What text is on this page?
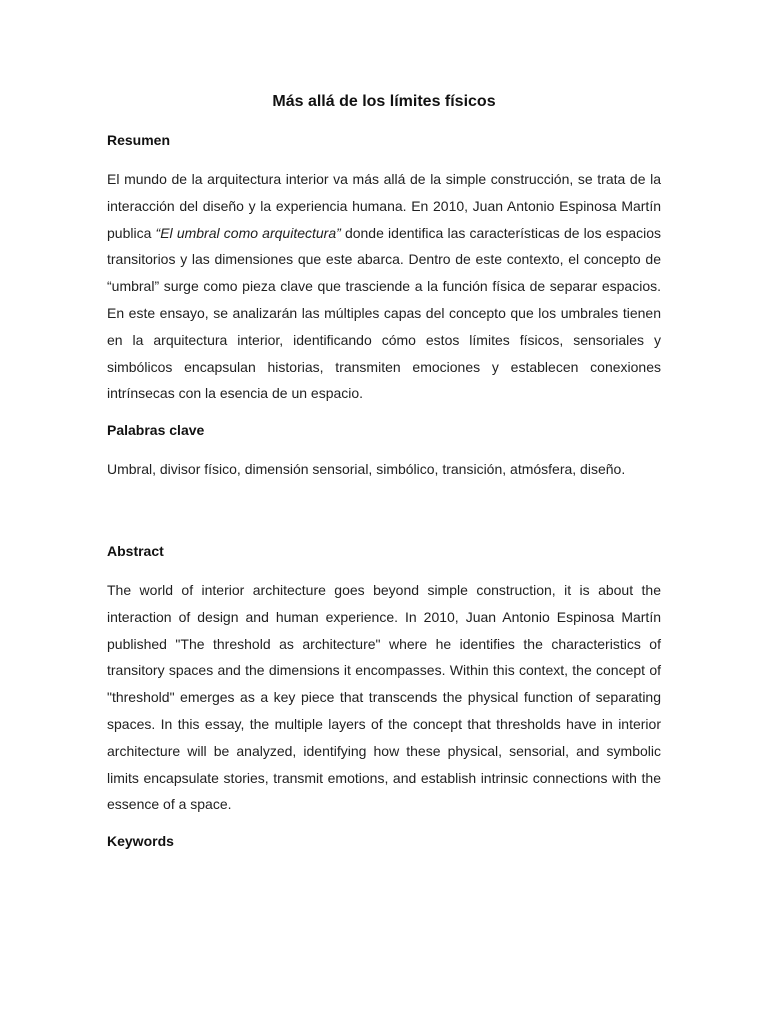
Más allá de los límites físicos
Resumen

El mundo de la arquitectura interior va más allá de la simple construcción, se trata de la interacción del diseño y la experiencia humana. En 2010, Juan Antonio Espinosa Martín publica “El umbral como arquitectura” donde identifica las características de los espacios transitorios y las dimensiones que este abarca. Dentro de este contexto, el concepto de “umbral” surge como pieza clave que trasciende a la función física de separar espacios. En este ensayo, se analizarán las múltiples capas del concepto que los umbrales tienen en la arquitectura interior, identificando cómo estos límites físicos, sensoriales y simbólicos encapsulan historias, transmiten emociones y establecen conexiones intrínsecas con la esencia de un espacio.

Palabras clave

Umbral, divisor físico, dimensión sensorial, simbólico, transición, atmósfera, diseño.

Abstract

The world of interior architecture goes beyond simple construction, it is about the interaction of design and human experience. In 2010, Juan Antonio Espinosa Martín published "The threshold as architecture" where he identifies the characteristics of transitory spaces and the dimensions it encompasses. Within this context, the concept of "threshold" emerges as a key piece that transcends the physical function of separating spaces. In this essay, the multiple layers of the concept that thresholds have in interior architecture will be analyzed, identifying how these physical, sensorial, and symbolic limits encapsulate stories, transmit emotions, and establish intrinsic connections with the essence of a space.

Keywords
